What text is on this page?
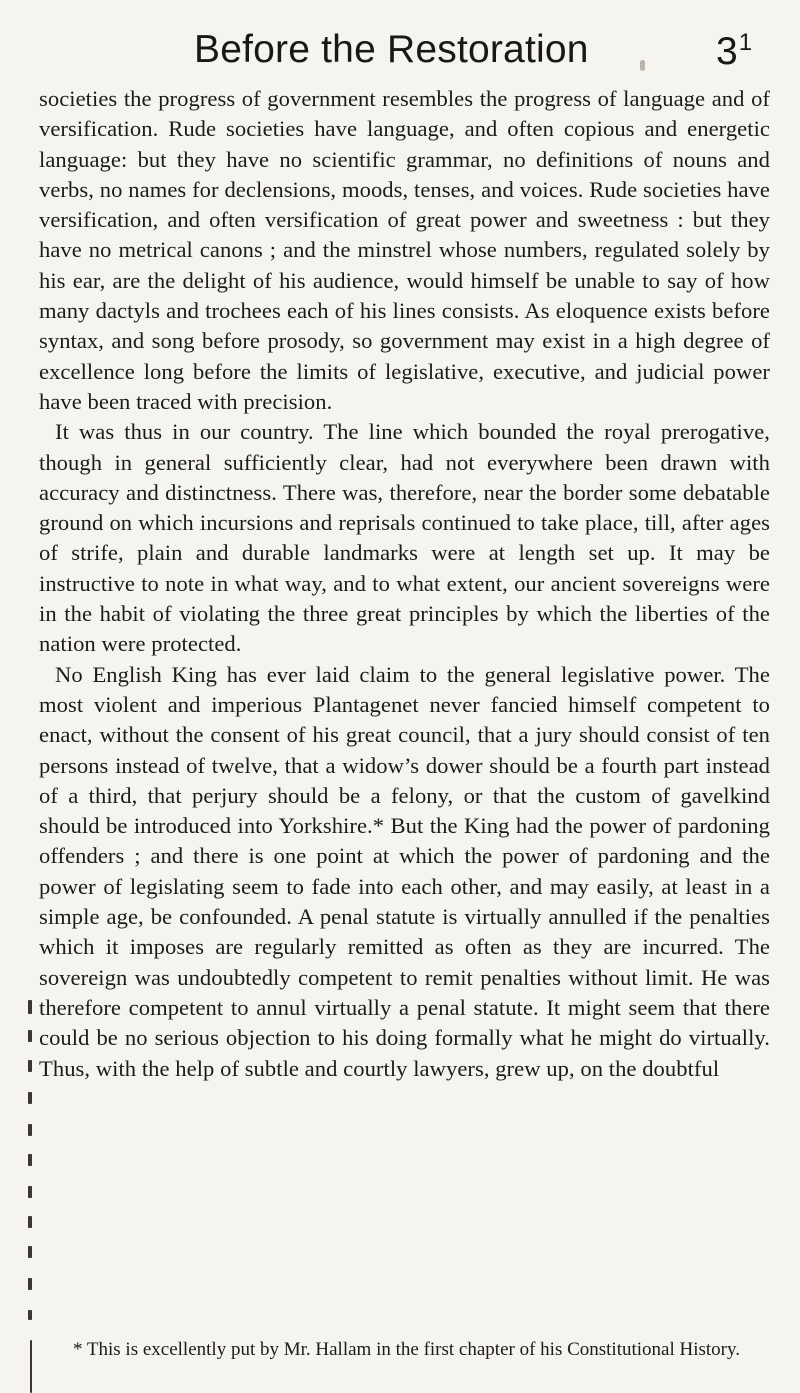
Before the Restoration	$3^1$

societies the progress of government resembles the progress of language and of versification. Rude societies have language, and often copious and energetic language: but they have no scientific grammar, no definitions of nouns and verbs, no names for declensions, moods, tenses, and voices. Rude societies have versification, and often versification of great power and sweetness : but they have no metrical canons ; and the minstrel whose numbers, regulated solely by his ear, are the delight of his audience, would himself be unable to say of how many dactyls and trochees each of his lines consists. As eloquence exists before syntax, and song before prosody, so government may exist in a high degree of excellence long before the limits of legislative, executive, and judicial power have been traced with precision.

It was thus in our country. The line which bounded the royal prerogative, though in general sufficiently clear, had not everywhere been drawn with accuracy and distinctness. There was, therefore, near the border some debatable ground on which incursions and reprisals continued to take place, till, after ages of strife, plain and durable landmarks were at length set up. It may be instructive to note in what way, and to what extent, our ancient sovereigns were in the habit of violating the three great principles by which the liberties of the nation were protected.

No English King has ever laid claim to the general legislative power. The most violent and imperious Plantagenet never fancied himself competent to enact, without the consent of his great council, that a jury should consist of ten persons instead of twelve, that a widow’s dower should be a fourth part instead of a third, that perjury should be a felony, or that the custom of gavelkind should be introduced into Yorkshire.* But the King had the power of pardoning offenders ; and there is one point at which the power of pardoning and the power of legislating seem to fade into each other, and may easily, at least in a simple age, be confounded. A penal statute is virtually annulled if the penalties which it imposes are regularly remitted as often as they are incurred. The sovereign was undoubtedly competent to remit penalties without limit. He was therefore competent to annul virtually a penal statute. It might seem that there could be no serious objection to his doing formally what he might do virtually. Thus, with the help of subtle and courtly lawyers, grew up, on the doubtful

* This is excellently put by Mr. Hallam in the first chapter of his Constitutional History.
